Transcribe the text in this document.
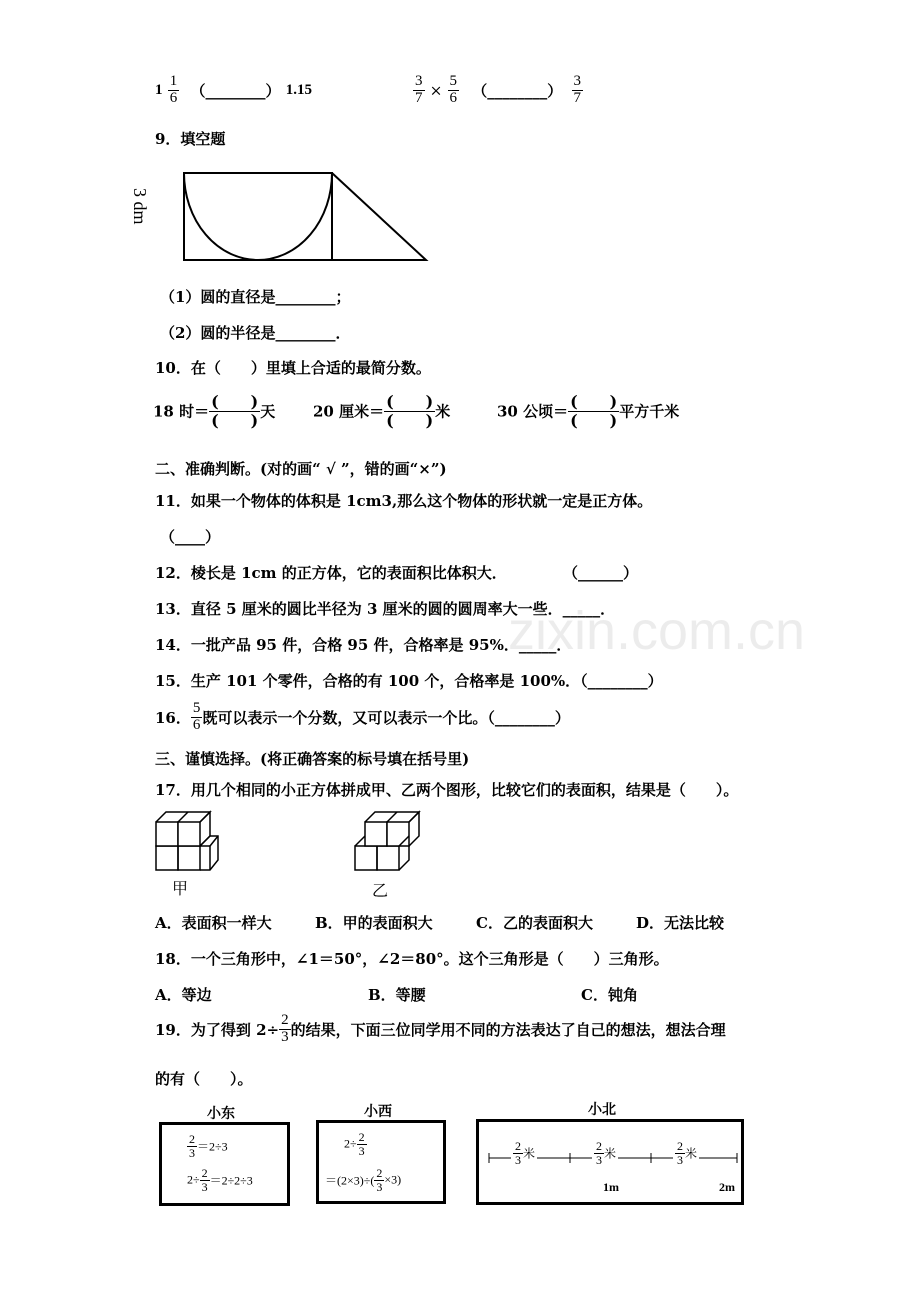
zixin.com.cn
$1 \frac{1}{6}$ （________） 1.15	$\frac{3}{7} \times \frac{5}{6}$ （________） $\frac{3}{7}$
9．填空题
3 dm
（1）圆的直径是________；
（2）圆的半径是________．
10．在（　　）里填上合适的最简分数。
18 时＝ $\frac{( )}{( )}$ 天	20 厘米＝ $\frac{( )}{( )}$ 米	30 公顷＝ $\frac{( )}{( )}$ 平方千米
二、准确判断。(对的画“ √ ”，错的画“×”)
11．如果一个物体的体积是 1cm3,那么这个物体的形状就一定是正方体。
（____）
12．棱长是 1cm 的正方体，它的表面积比体积大．	（______）
13．直径 5 厘米的圆比半径为 3 厘米的圆的圆周率大一些．_____．
14．一批产品 95 件，合格 95 件，合格率是 95%．_____．
15．生产 101 个零件，合格的有 100 个，合格率是 100%．（________）
16． $\frac{5}{6}$ 既可以表示一个分数，又可以表示一个比。（________）
三、谨慎选择。(将正确答案的标号填在括号里)
17．用几个相同的小正方体拼成甲、乙两个图形，比较它们的表面积，结果是（　　）。
甲	乙
A．表面积一样大	B．甲的表面积大	C．乙的表面积大	D．无法比较
18．一个三角形中，∠1＝50°，∠2＝80°。这个三角形是（　　）三角形。
A．等边	B．等腰	C．钝角
19．为了得到 $2\div \frac{2}{3}$ 的结果，下面三位同学用不同的方法表达了自己的想法，想法合理
的有（　　）。
小东
$\frac{2}{3} =2\div 3$
$2\div \frac{2}{3} =2\div 2\div 3$
小西
$2\div \frac{2}{3}$
$=(2\times 3)\div( \frac{2}{3} \times 3)$
小北
$\frac{2}{3}$ 米	$\frac{2}{3}$ 米	$\frac{2}{3}$ 米
1m	2m
